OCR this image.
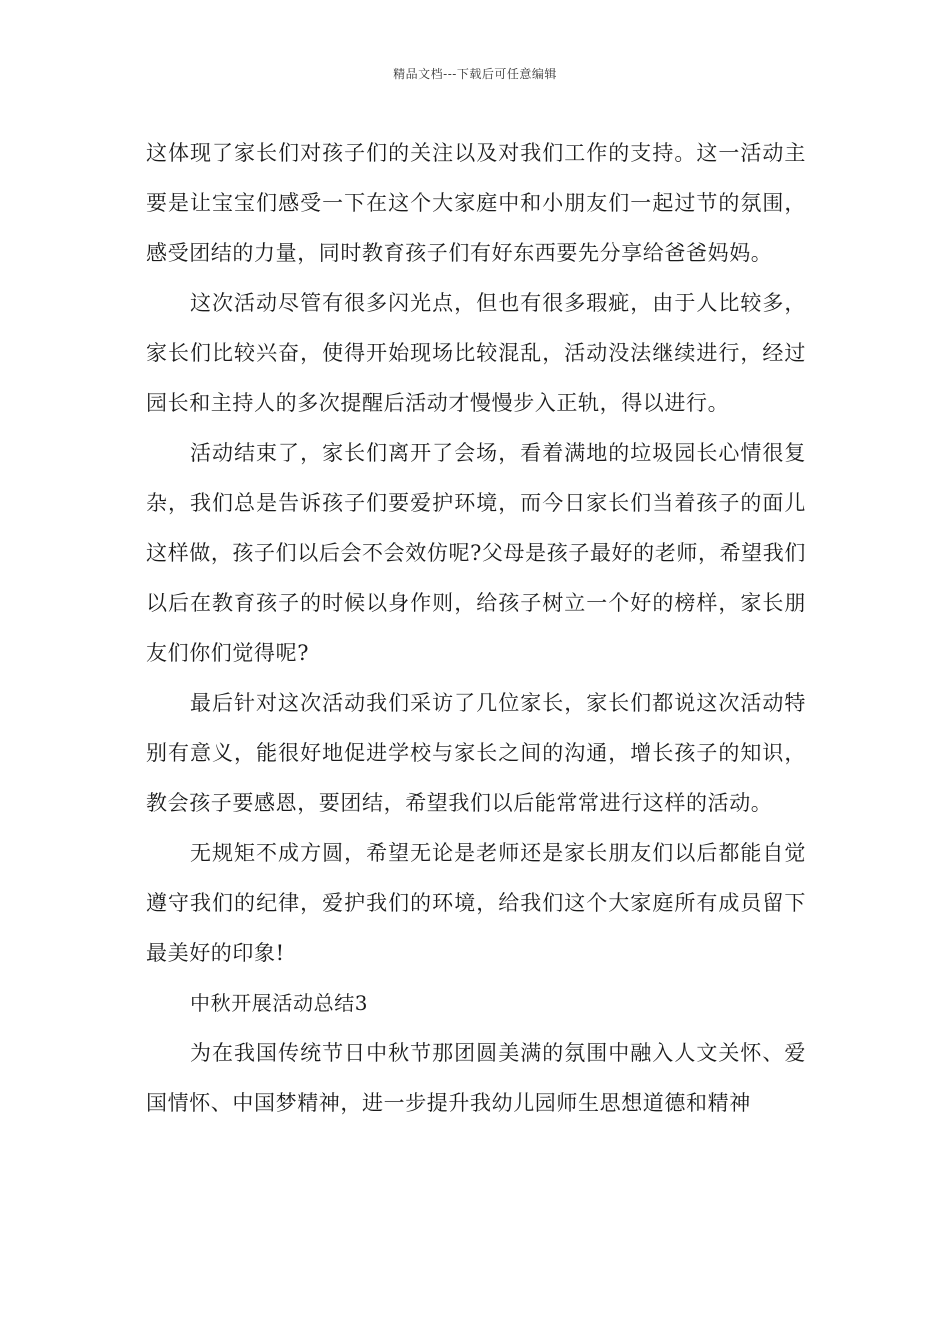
精品文档---下载后可任意编辑

这体现了家长们对孩子们的关注以及对我们工作的支持。这一活动主要是让宝宝们感受一下在这个大家庭中和小朋友们一起过节的氛围，感受团结的力量，同时教育孩子们有好东西要先分享给爸爸妈妈。

这次活动尽管有很多闪光点，但也有很多瑕疵，由于人比较多，家长们比较兴奋，使得开始现场比较混乱，活动没法继续进行，经过园长和主持人的多次提醒后活动才慢慢步入正轨，得以进行。

活动结束了，家长们离开了会场，看着满地的垃圾园长心情很复杂，我们总是告诉孩子们要爱护环境，而今日家长们当着孩子的面儿这样做，孩子们以后会不会效仿呢?父母是孩子最好的老师，希望我们以后在教育孩子的时候以身作则，给孩子树立一个好的榜样，家长朋友们你们觉得呢?

最后针对这次活动我们采访了几位家长，家长们都说这次活动特别有意义，能很好地促进学校与家长之间的沟通，增长孩子的知识，教会孩子要感恩，要团结，希望我们以后能常常进行这样的活动。

无规矩不成方圆，希望无论是老师还是家长朋友们以后都能自觉遵守我们的纪律，爱护我们的环境，给我们这个大家庭所有成员留下最美好的印象!

中秋开展活动总结3

为在我国传统节日中秋节那团圆美满的氛围中融入人文关怀、爱国情怀、中国梦精神，进一步提升我幼儿园师生思想道德和精神
